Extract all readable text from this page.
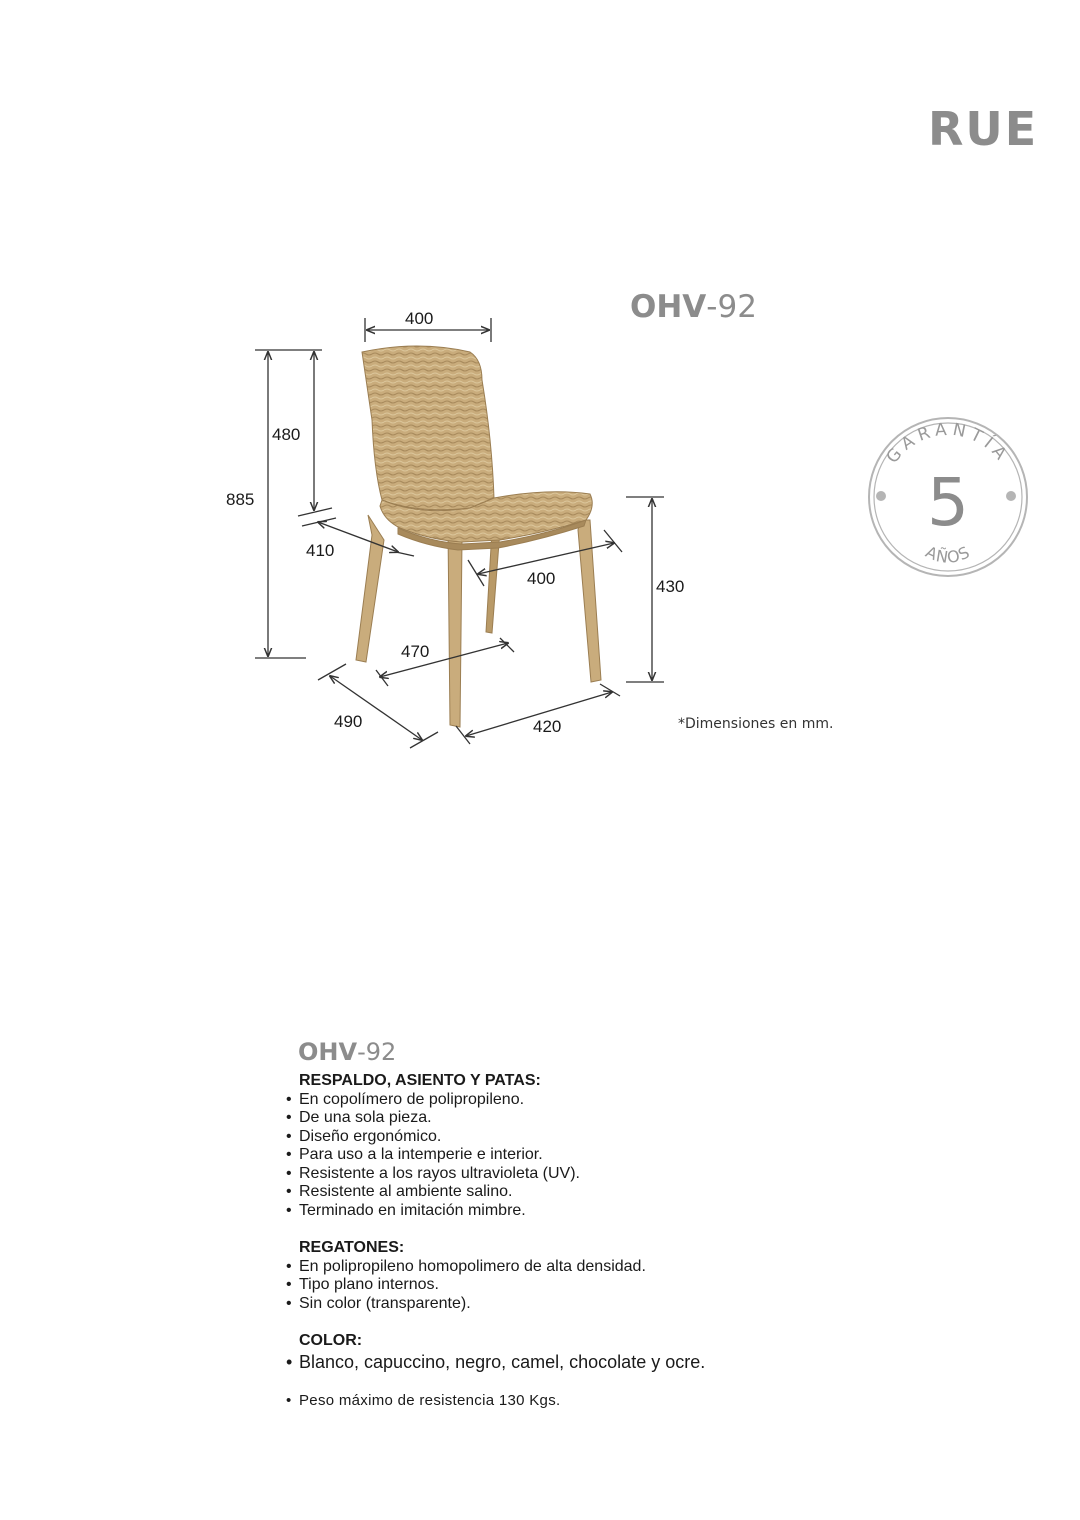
RUE
OHV-92
400
480
885
410
400	430
470
490	420
GARANTÍA
5
AÑOS
*Dimensiones en mm.
OHV-92
RESPALDO, ASIENTO Y PATAS:
• En copolímero de polipropileno.
• De una sola pieza.
• Diseño ergonómico.
• Para uso a la intemperie e interior.
• Resistente a los rayos ultravioleta (UV).
• Resistente al ambiente salino.
• Terminado en imitación mimbre.
REGATONES:
• En polipropileno homopolimero de alta densidad.
• Tipo plano internos.
• Sin color (transparente).
COLOR:
• Blanco, capuccino, negro, camel, chocolate y ocre.
• Peso máximo de resistencia 130 Kgs.
